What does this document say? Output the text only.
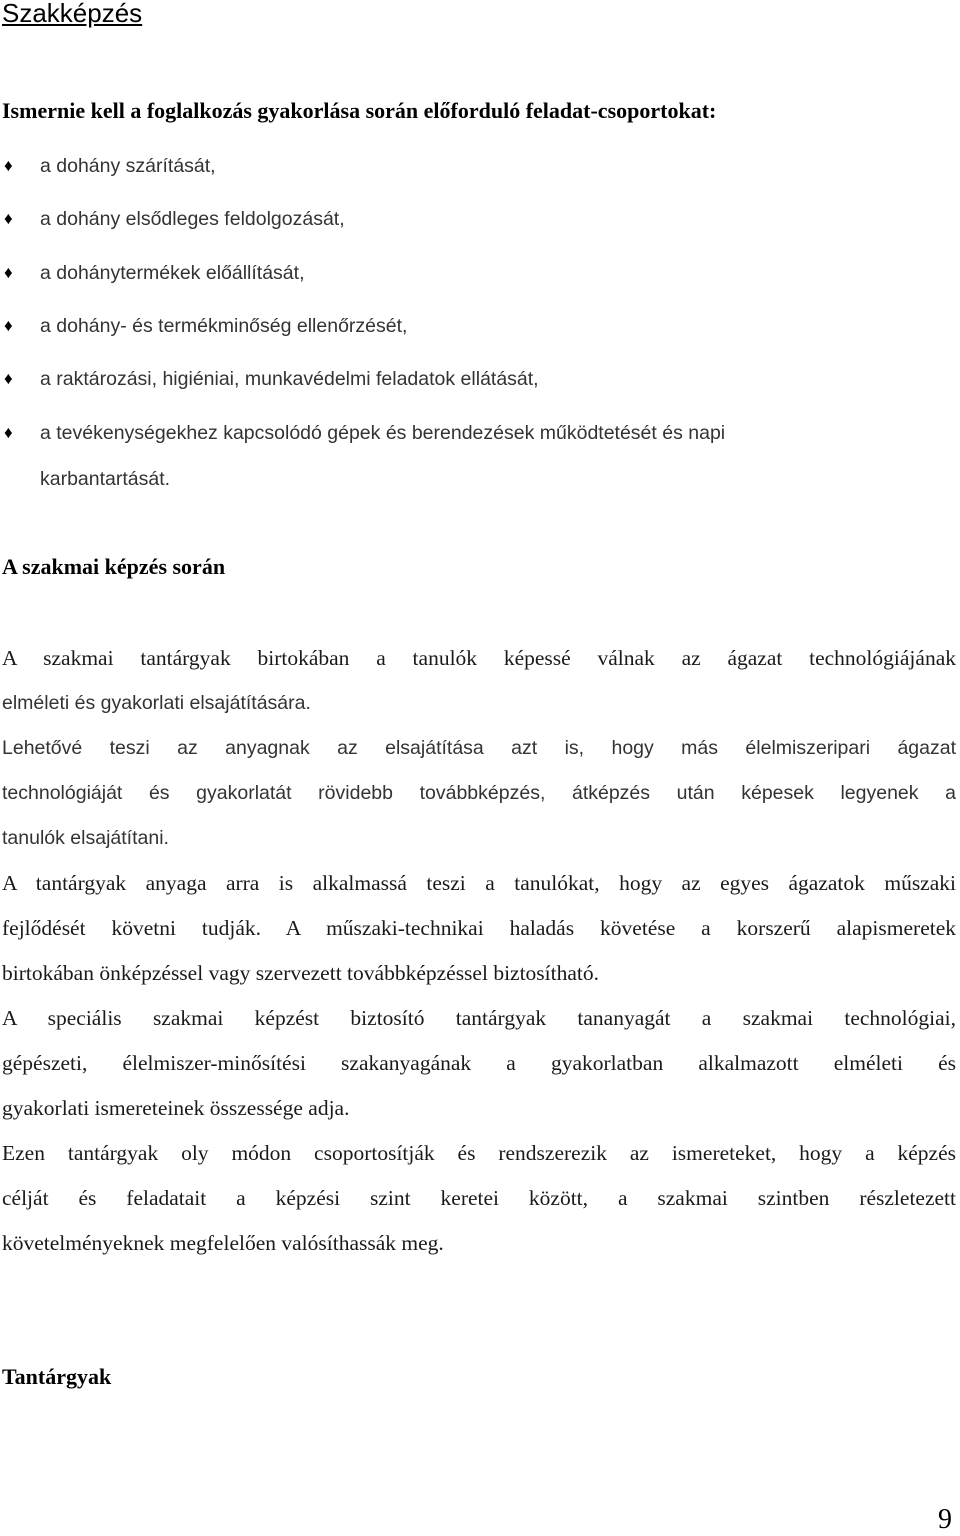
Szakképzés
Ismernie kell a foglalkozás gyakorlása során előforduló feladat-csoportokat:
♦ a dohány szárítását,
♦ a dohány elsődleges feldolgozását,
♦ a dohánytermékek előállítását,
♦ a dohány- és termékminőség ellenőrzését,
♦ a raktározási, higiéniai, munkavédelmi feladatok ellátását,
♦ a tevékenységekhez kapcsolódó gépek és berendezések működtetését és napi
karbantartását.
A szakmai képzés során
A szakmai tantárgyak birtokában a tanulók képessé válnak az ágazat technológiájának
elméleti és gyakorlati elsajátítására.
Lehetővé teszi az anyagnak az elsajátítása azt is, hogy más élelmiszeripari ágazat
technológiáját és gyakorlatát rövidebb továbbképzés, átképzés után képesek legyenek a
tanulók elsajátítani.
A tantárgyak anyaga arra is alkalmassá teszi a tanulókat, hogy az egyes ágazatok műszaki
fejlődését követni tudják. A műszaki-technikai haladás követése a korszerű alapismeretek
birtokában önképzéssel vagy szervezett továbbképzéssel biztosítható.
A speciális szakmai képzést biztosító tantárgyak tananyagát a szakmai technológiai,
gépészeti, élelmiszer-minősítési szakanyagának a gyakorlatban alkalmazott elméleti és
gyakorlati ismereteinek összessége adja.
Ezen tantárgyak oly módon csoportosítják és rendszerezik az ismereteket, hogy a képzés
célját és feladatait a képzési szint keretei között, a szakmai szintben részletezett
követelményeknek megfelelően valósíthassák meg.
Tantárgyak
9
